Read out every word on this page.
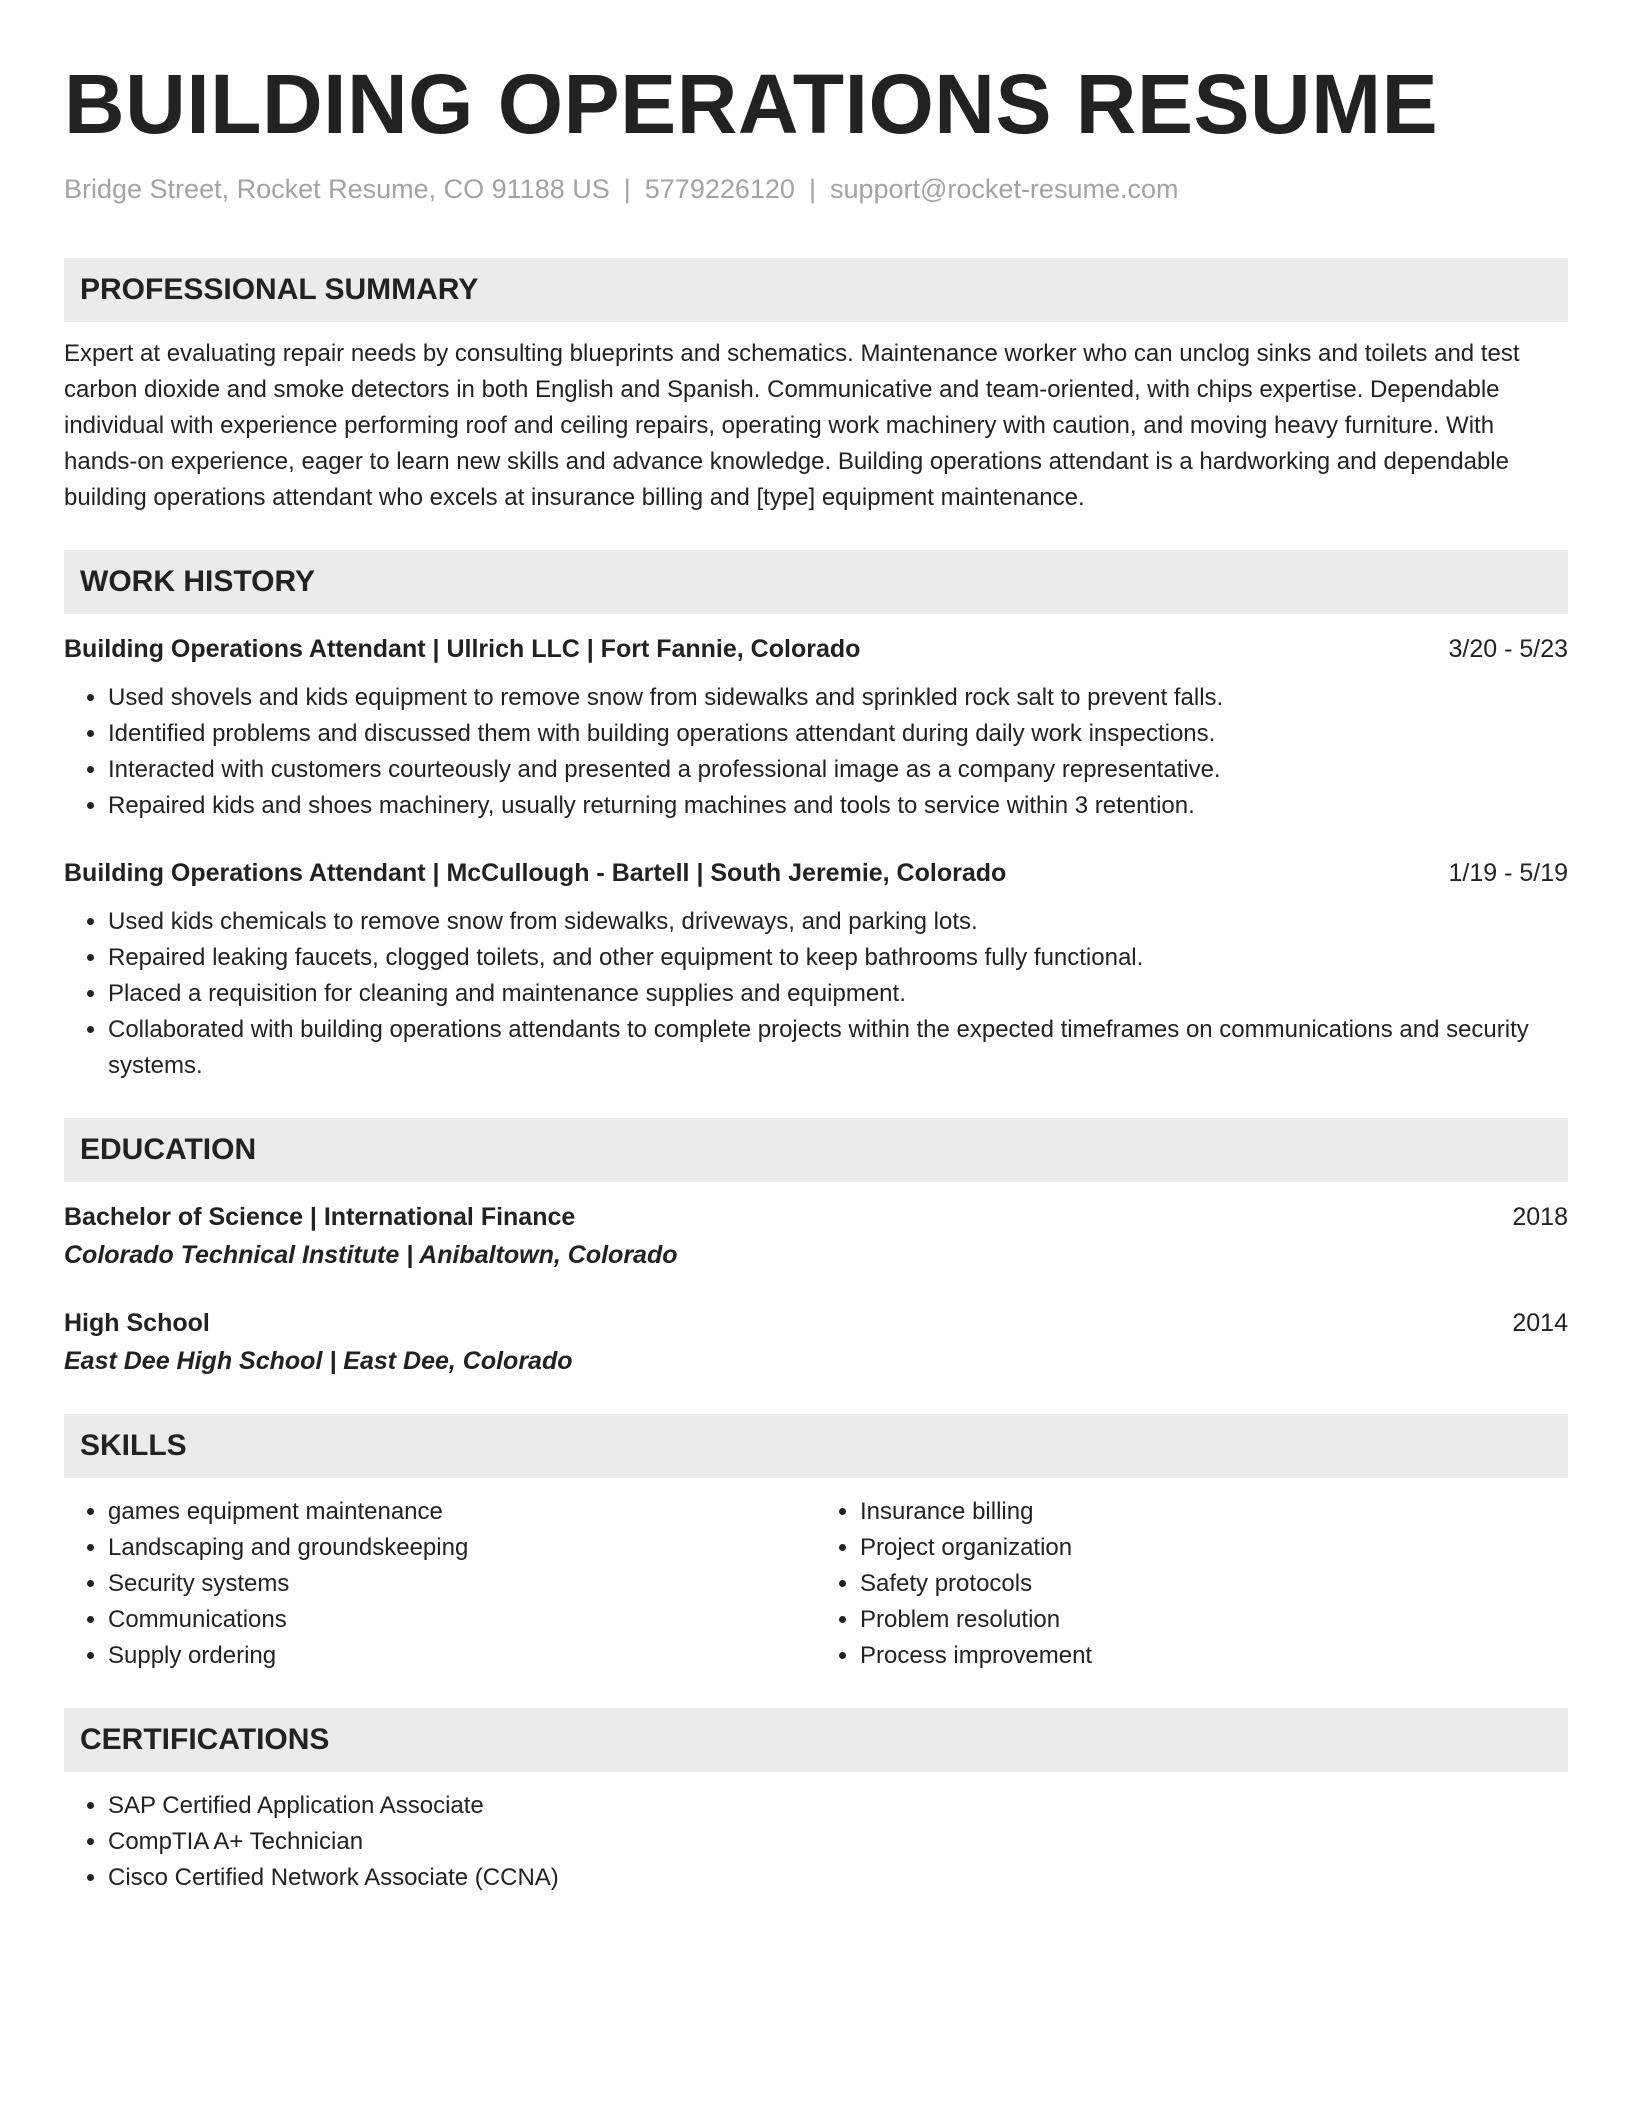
BUILDING OPERATIONS RESUME
Bridge Street, Rocket Resume, CO 91188 US | 5779226120 | support@rocket-resume.com
PROFESSIONAL SUMMARY
Expert at evaluating repair needs by consulting blueprints and schematics. Maintenance worker who can unclog sinks and toilets and test carbon dioxide and smoke detectors in both English and Spanish. Communicative and team-oriented, with chips expertise. Dependable individual with experience performing roof and ceiling repairs, operating work machinery with caution, and moving heavy furniture. With hands-on experience, eager to learn new skills and advance knowledge. Building operations attendant is a hardworking and dependable building operations attendant who excels at insurance billing and [type] equipment maintenance.
WORK HISTORY
Building Operations Attendant | Ullrich LLC | Fort Fannie, Colorado	3/20 - 5/23
• Used shovels and kids equipment to remove snow from sidewalks and sprinkled rock salt to prevent falls.
• Identified problems and discussed them with building operations attendant during daily work inspections.
• Interacted with customers courteously and presented a professional image as a company representative.
• Repaired kids and shoes machinery, usually returning machines and tools to service within 3 retention.
Building Operations Attendant | McCullough - Bartell | South Jeremie, Colorado	1/19 - 5/19
• Used kids chemicals to remove snow from sidewalks, driveways, and parking lots.
• Repaired leaking faucets, clogged toilets, and other equipment to keep bathrooms fully functional.
• Placed a requisition for cleaning and maintenance supplies and equipment.
• Collaborated with building operations attendants to complete projects within the expected timeframes on communications and security systems.
EDUCATION
Bachelor of Science | International Finance	2018
Colorado Technical Institute | Anibaltown, Colorado
High School	2014
East Dee High School | East Dee, Colorado
SKILLS
• games equipment maintenance
• Landscaping and groundskeeping
• Security systems
• Communications
• Supply ordering
• Insurance billing
• Project organization
• Safety protocols
• Problem resolution
• Process improvement
CERTIFICATIONS
• SAP Certified Application Associate
• CompTIA A+ Technician
• Cisco Certified Network Associate (CCNA)
